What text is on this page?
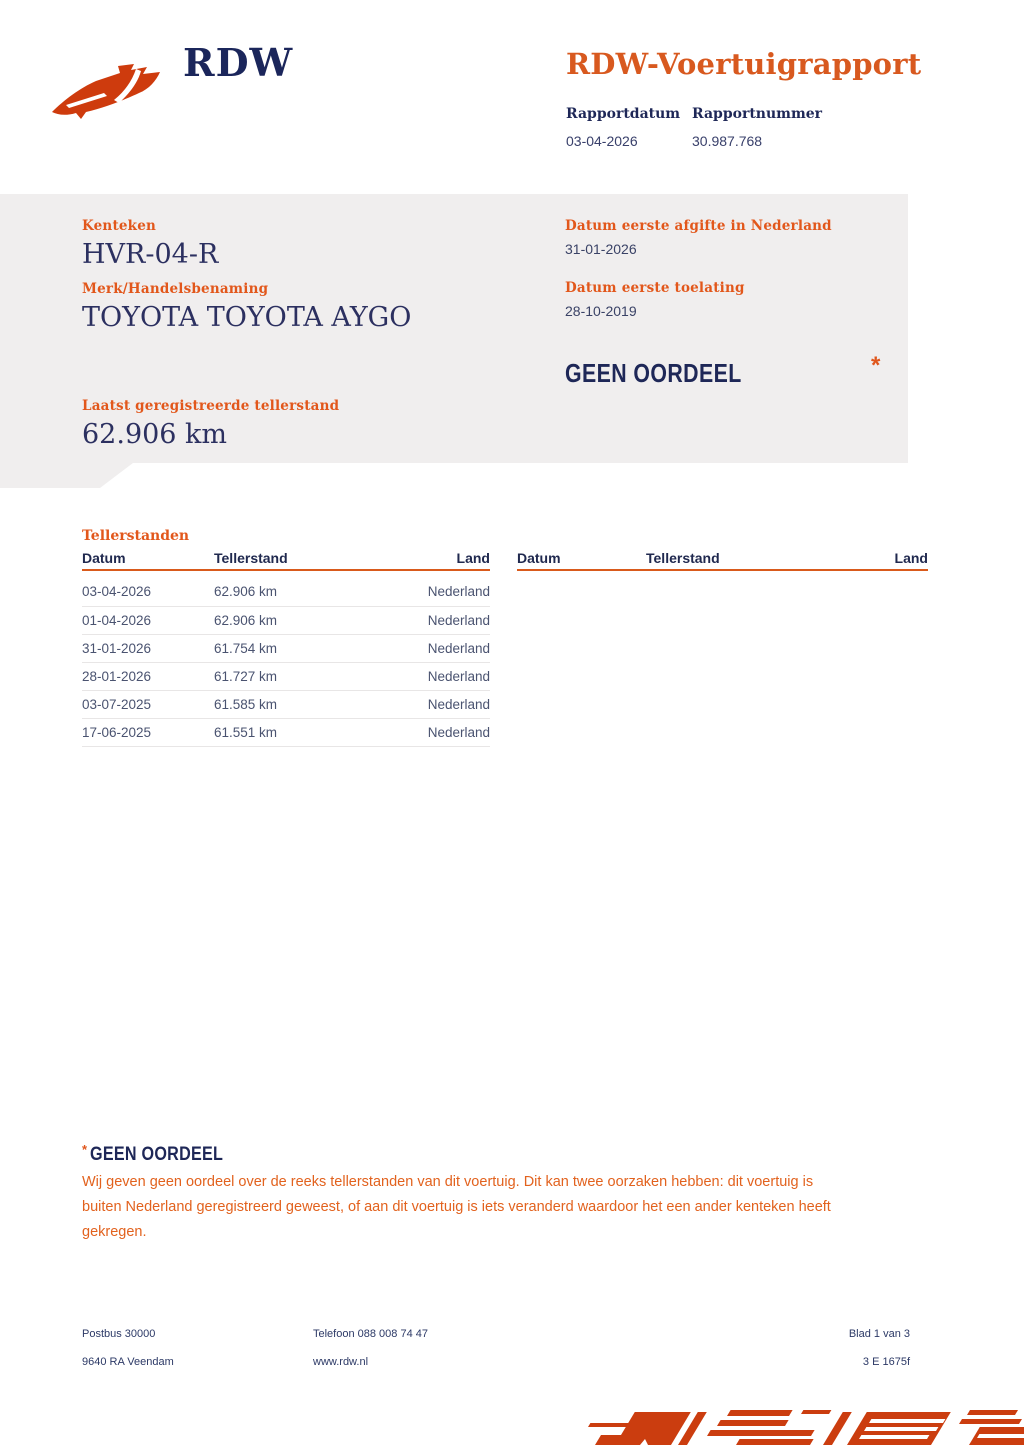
RDW	RDW-Voertuigrapport
Rapportdatum Rapportnummer
03-04-2026	30.987.768
Kenteken
HVR-04-R
Merk/Handelsbenaming
TOYOTA TOYOTA AYGO
Laatst geregistreerde tellerstand
62.906 km
Datum eerste afgifte in Nederland
31-01-2026
Datum eerste toelating
28-10-2019
GEEN OORDEEL	*
Tellerstanden
Datum	Tellerstand	Land
03-04-2026	62.906 km	Nederland
01-04-2026	62.906 km	Nederland
31-01-2026	61.754 km	Nederland
28-01-2026	61.727 km	Nederland
03-07-2025	61.585 km	Nederland
17-06-2025	61.551 km	Nederland
Datum	Tellerstand	Land
* GEEN OORDEEL
Wij geven geen oordeel over de reeks tellerstanden van dit voertuig. Dit kan twee oorzaken hebben: dit voertuig is buiten Nederland geregistreerd geweest, of aan dit voertuig is iets veranderd waardoor het een ander kenteken heeft gekregen.
Postbus 30000
9640 RA Veendam
Telefoon 088 008 74 47
www.rdw.nl
Blad 1 van 3
3 E 1675f
